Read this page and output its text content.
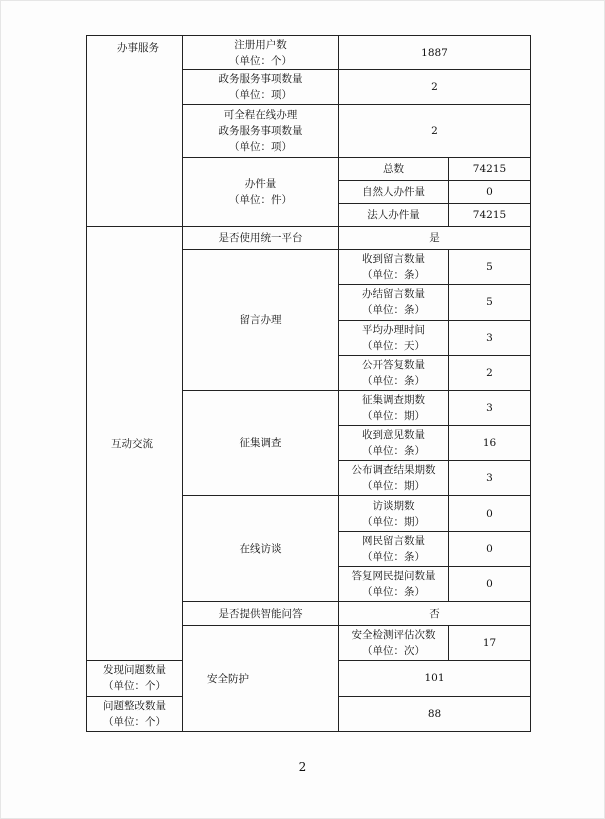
办事服务	注册用户数
（单位：个）	1887	

	政务服务事项数量
（单位：项）	2	

	可全程在线办理
政务服务事项数量
（单位：项）	2	

	办件量
（单位：件）	总数	74215
		自然人办件量	0
		法人办件量	74215
互动交流	是否使用统一平台	是	
	留言办理	收到留言数量
（单位：条）	5

		办结留言数量
（单位：条）	5

		平均办理时间
（单位：天）	3

		公开答复数量
（单位：条）	2
	征集调查	征集调查期数
（单位：期）	3

		收到意见数量
（单位：条）	16

		公布调查结果期数
（单位：期）	3
	在线访谈	访谈期数
（单位：期）	0

		网民留言数量
（单位：条）	0

		答复网民提问数量
（单位：条）	0
	是否提供智能问答	否	
	安全防护	安全检测评估次数
（单位：次）	17

发现问题数量
（单位：个）		101	

问题整改数量
（单位：个）		88	
2
